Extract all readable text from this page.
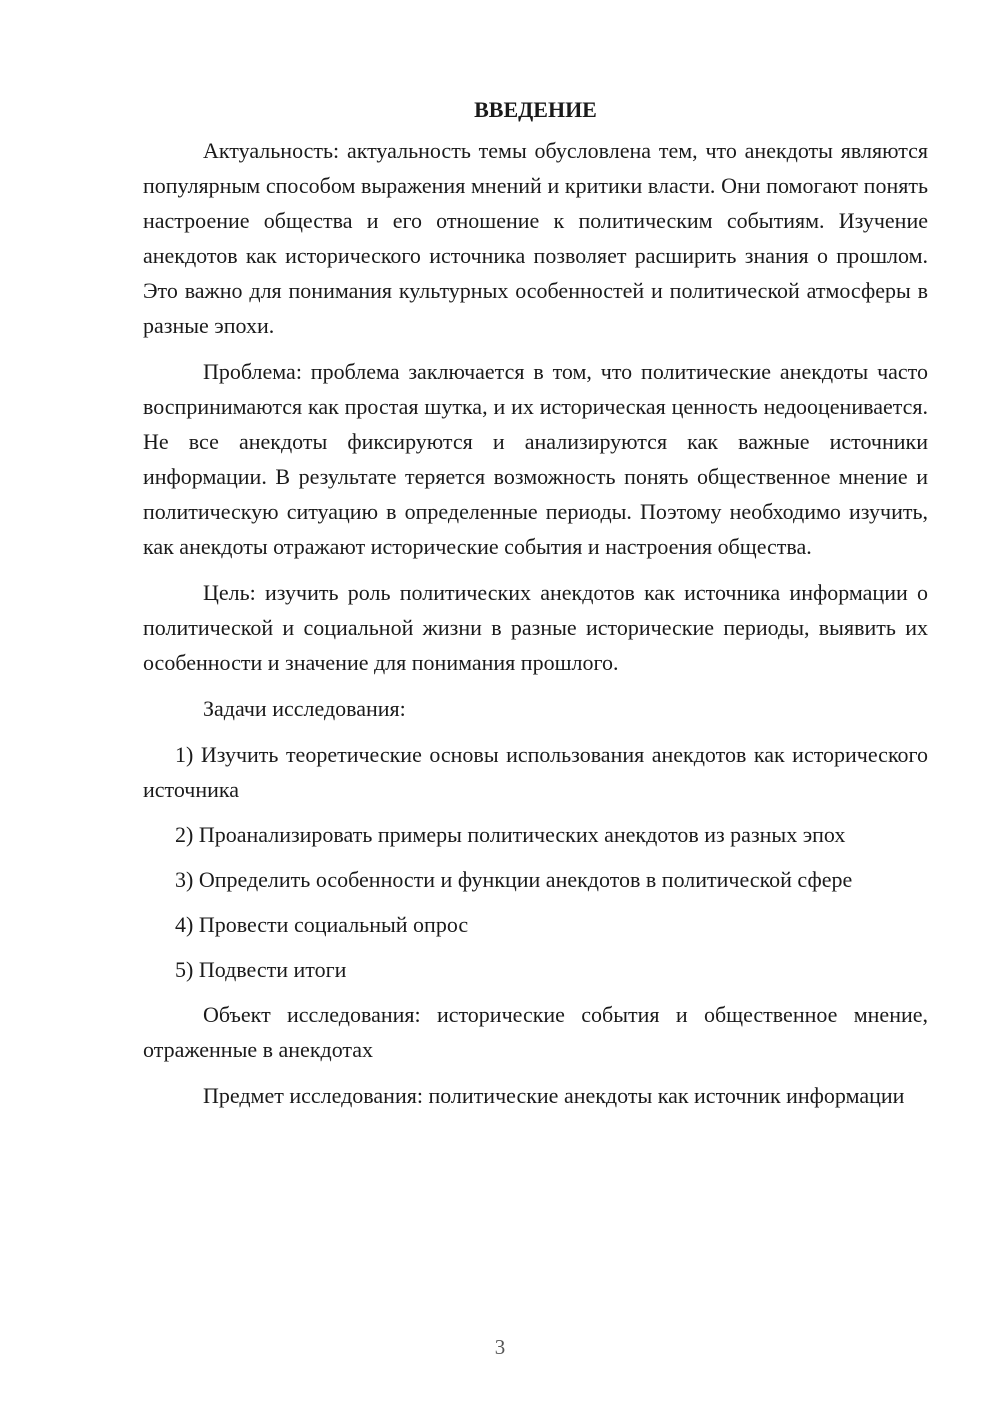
ВВЕДЕНИЕ

Актуальность: актуальность темы обусловлена тем, что анекдоты являются популярным способом выражения мнений и критики власти. Они помогают понять настроение общества и его отношение к политическим событиям. Изучение анекдотов как исторического источника позволяет расширить знания о прошлом. Это важно для понимания культурных особенностей и политической атмосферы в разные эпохи.

Проблема: проблема заключается в том, что политические анекдоты часто воспринимаются как простая шутка, и их историческая ценность недооценивается. Не все анекдоты фиксируются и анализируются как важные источники информации. В результате теряется возможность понять общественное мнение и политическую ситуацию в определенные периоды. Поэтому необходимо изучить, как анекдоты отражают исторические события и настроения общества.

Цель: изучить роль политических анекдотов как источника информации о политической и социальной жизни в разные исторические периоды, выявить их особенности и значение для понимания прошлого.

Задачи исследования:

1) Изучить теоретические основы использования анекдотов как исторического источника

2) Проанализировать примеры политических анекдотов из разных эпох

3) Определить особенности и функции анекдотов в политической сфере

4) Провести социальный опрос

5) Подвести итоги

Объект исследования: исторические события и общественное мнение, отраженные в анекдотах

Предмет исследования: политические анекдоты как источник информации

3
